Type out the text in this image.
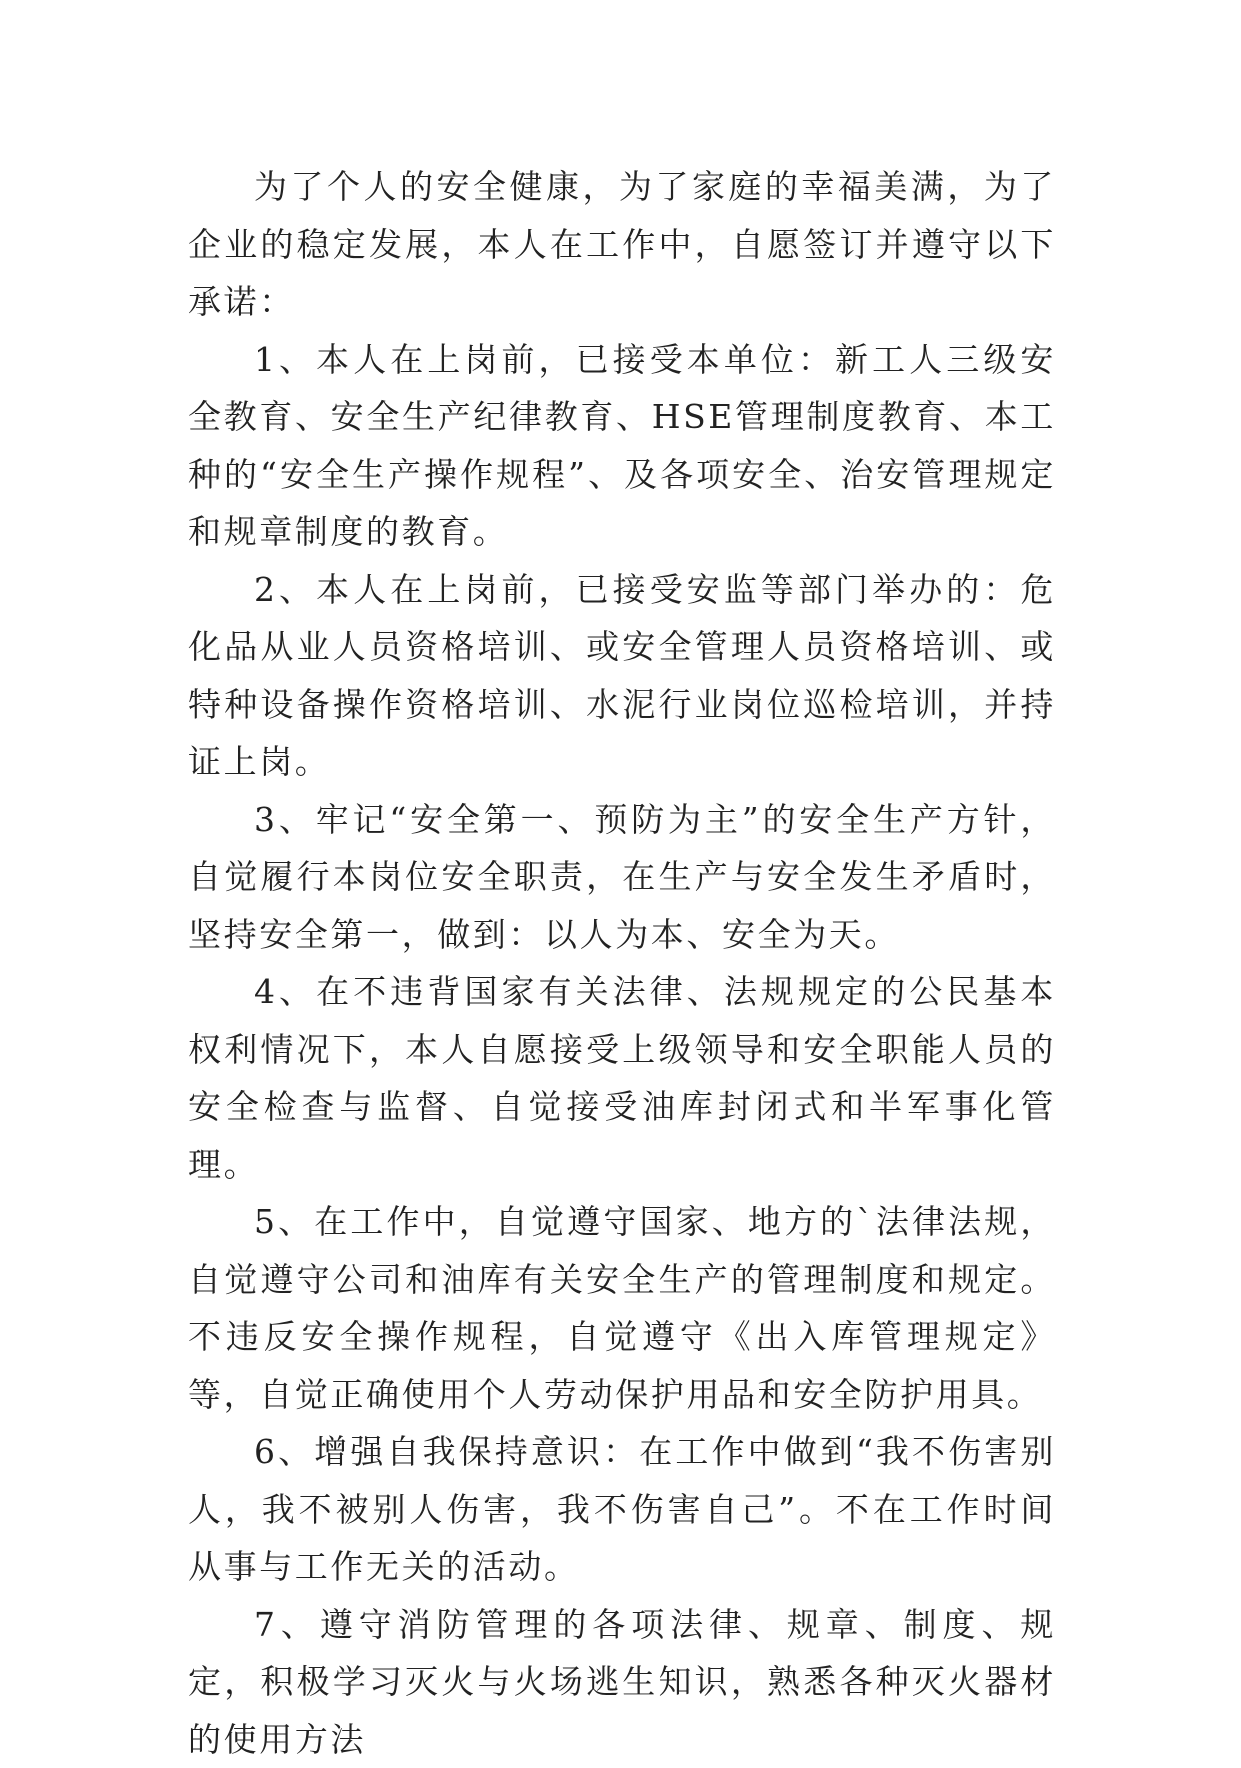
为了个人的安全健康，为了家庭的幸福美满，为了企业的稳定发展，本人在工作中，自愿签订并遵守以下承诺：

1、本人在上岗前，已接受本单位：新工人三级安全教育、安全生产纪律教育、HSE管理制度教育、本工种的“安全生产操作规程”、及各项安全、治安管理规定和规章制度的教育。

2、本人在上岗前，已接受安监等部门举办的：危化品从业人员资格培训、或安全管理人员资格培训、或特种设备操作资格培训、水泥行业岗位巡检培训，并持证上岗。

3、牢记“安全第一、预防为主”的安全生产方针，自觉履行本岗位安全职责，在生产与安全发生矛盾时，坚持安全第一，做到：以人为本、安全为天。

4、在不违背国家有关法律、法规规定的公民基本权利情况下，本人自愿接受上级领导和安全职能人员的安全检查与监督、自觉接受油库封闭式和半军事化管理。

5、在工作中，自觉遵守国家、地方的`法律法规，自觉遵守公司和油库有关安全生产的管理制度和规定。不违反安全操作规程，自觉遵守《出入库管理规定》等，自觉正确使用个人劳动保护用品和安全防护用具。

6、增强自我保持意识：在工作中做到“我不伤害别人，我不被别人伤害，我不伤害自己”。不在工作时间从事与工作无关的活动。

7、遵守消防管理的各项法律、规章、制度、规定，积极学习灭火与火场逃生知识，熟悉各种灭火器材的使用方法
